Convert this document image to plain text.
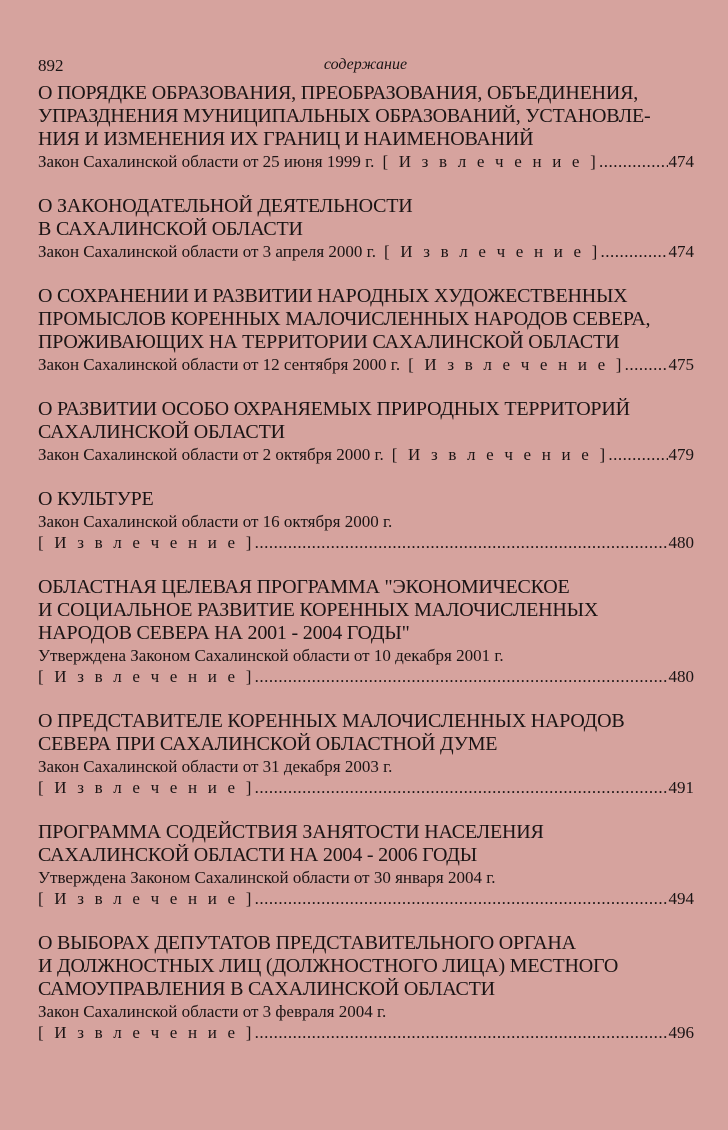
892	содержание
О ПОРЯДКЕ ОБРАЗОВАНИЯ, ПРЕОБРАЗОВАНИЯ, ОБЪЕДИНЕНИЯ,
УПРАЗДНЕНИЯ МУНИЦИПАЛЬНЫХ ОБРАЗОВАНИЙ, УСТАНОВЛЕ-
НИЯ И ИЗМЕНЕНИЯ ИХ ГРАНИЦ И НАИМЕНОВАНИЙ
Закон Сахалинской области от 25 июня 1999 г. [ И з в л е ч е н и е ] .....	474
О ЗАКОНОДАТЕЛЬНОЙ ДЕЯТЕЛЬНОСТИ
В САХАЛИНСКОЙ ОБЛАСТИ
Закон Сахалинской области от 3 апреля 2000 г. [ И з в л е ч е н и е ] .....	474
О СОХРАНЕНИИ И РАЗВИТИИ НАРОДНЫХ ХУДОЖЕСТВЕННЫХ
ПРОМЫСЛОВ КОРЕННЫХ МАЛОЧИСЛЕННЫХ НАРОДОВ СЕВЕРА,
ПРОЖИВАЮЩИХ НА ТЕРРИТОРИИ САХАЛИНСКОЙ ОБЛАСТИ
Закон Сахалинской области от 12 сентября 2000 г. [ И з в л е ч е н и е ] .....	475
О РАЗВИТИИ ОСОБО ОХРАНЯЕМЫХ ПРИРОДНЫХ ТЕРРИТОРИЙ
САХАЛИНСКОЙ ОБЛАСТИ
Закон Сахалинской области от 2 октября 2000 г. [ И з в л е ч е н и е ] .....	479
О КУЛЬТУРЕ
Закон Сахалинской области от 16 октября 2000 г.
[ И з в л е ч е н и е ] .....	480
ОБЛАСТНАЯ ЦЕЛЕВАЯ ПРОГРАММА "ЭКОНОМИЧЕСКОЕ
И СОЦИАЛЬНОЕ РАЗВИТИЕ КОРЕННЫХ МАЛОЧИСЛЕННЫХ
НАРОДОВ СЕВЕРА НА 2001 - 2004 ГОДЫ"
Утверждена Законом Сахалинской области от 10 декабря 2001 г.
[ И з в л е ч е н и е ] .....	480
О ПРЕДСТАВИТЕЛЕ КОРЕННЫХ МАЛОЧИСЛЕННЫХ НАРОДОВ
СЕВЕРА ПРИ САХАЛИНСКОЙ ОБЛАСТНОЙ ДУМЕ
Закон Сахалинской области от 31 декабря 2003 г.
[ И з в л е ч е н и е ] .....	491
ПРОГРАММА СОДЕЙСТВИЯ ЗАНЯТОСТИ НАСЕЛЕНИЯ
САХАЛИНСКОЙ ОБЛАСТИ НА 2004 - 2006 ГОДЫ
Утверждена Законом Сахалинской области от 30 января 2004 г.
[ И з в л е ч е н и е ] .....	494
О ВЫБОРАХ ДЕПУТАТОВ ПРЕДСТАВИТЕЛЬНОГО ОРГАНА
И ДОЛЖНОСТНЫХ ЛИЦ (ДОЛЖНОСТНОГО ЛИЦА) МЕСТНОГО
САМОУПРАВЛЕНИЯ В САХАЛИНСКОЙ ОБЛАСТИ
Закон Сахалинской области от 3 февраля 2004 г.
[ И з в л е ч е н и е ] .....	496
